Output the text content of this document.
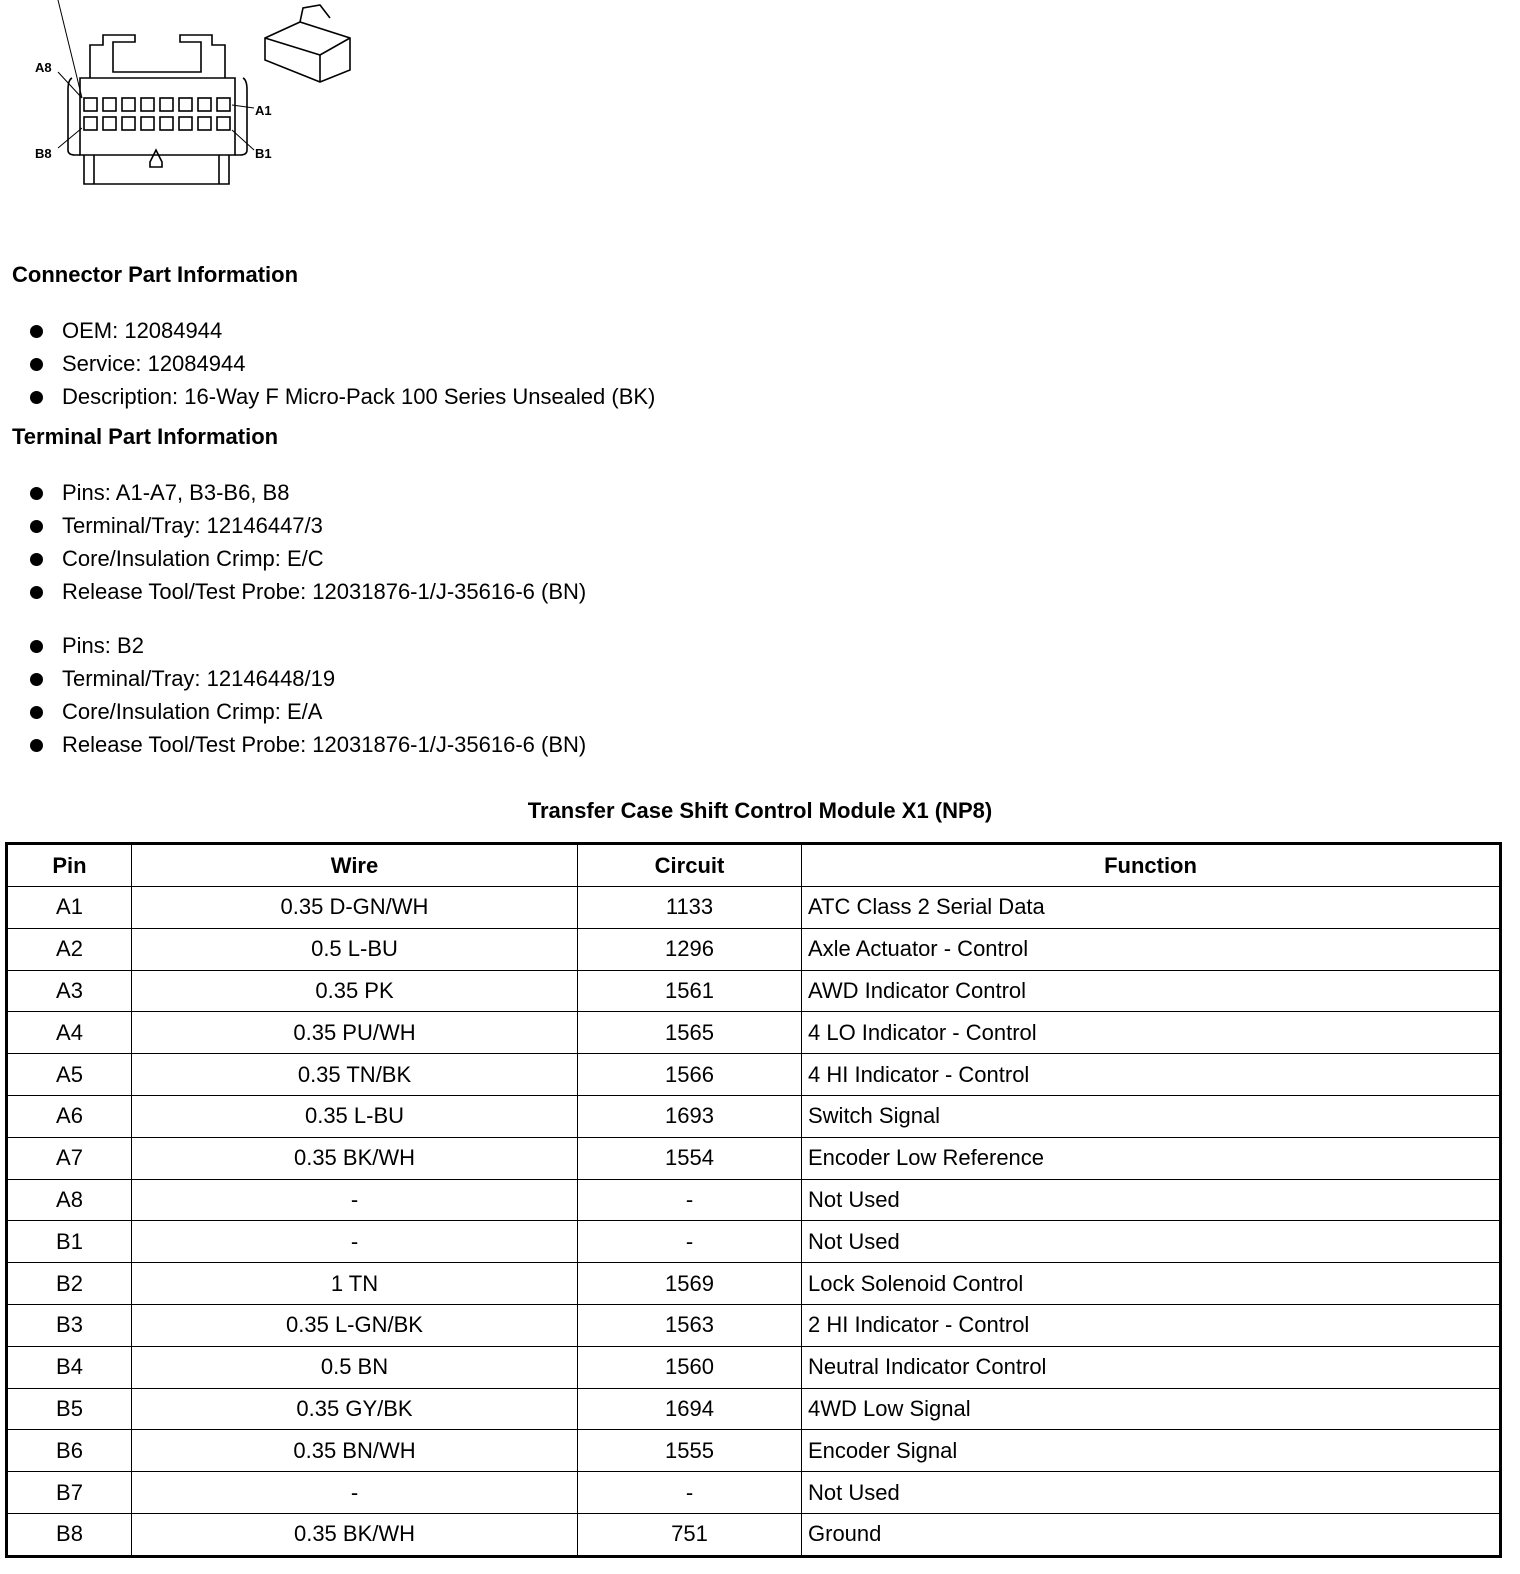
A8
A1
B8	B1
Connector Part Information
OEM: 12084944
Service: 12084944
Description: 16-Way F Micro-Pack 100 Series Unsealed (BK)
Terminal Part Information
Pins: A1-A7, B3-B6, B8
Terminal/Tray: 12146447/3
Core/Insulation Crimp: E/C
Release Tool/Test Probe: 12031876-1/J-35616-6 (BN)
Pins: B2
Terminal/Tray: 12146448/19
Core/Insulation Crimp: E/A
Release Tool/Test Probe: 12031876-1/J-35616-6 (BN)
Transfer Case Shift Control Module X1 (NP8)
Pin	Wire	Circuit	Function
A1	0.35 D-GN/WH	1133	ATC Class 2 Serial Data
A2	0.5 L-BU	1296	Axle Actuator - Control
A3	0.35 PK	1561	AWD Indicator Control
A4	0.35 PU/WH	1565	4 LO Indicator - Control
A5	0.35 TN/BK	1566	4 HI Indicator - Control
A6	0.35 L-BU	1693	Switch Signal
A7	0.35 BK/WH	1554	Encoder Low Reference
A8	-	-	Not Used
B1	-	-	Not Used
B2	1 TN	1569	Lock Solenoid Control
B3	0.35 L-GN/BK	1563	2 HI Indicator - Control
B4	0.5 BN	1560	Neutral Indicator Control
B5	0.35 GY/BK	1694	4WD Low Signal
B6	0.35 BN/WH	1555	Encoder Signal
B7	-	-	Not Used
B8	0.35 BK/WH	751	Ground
